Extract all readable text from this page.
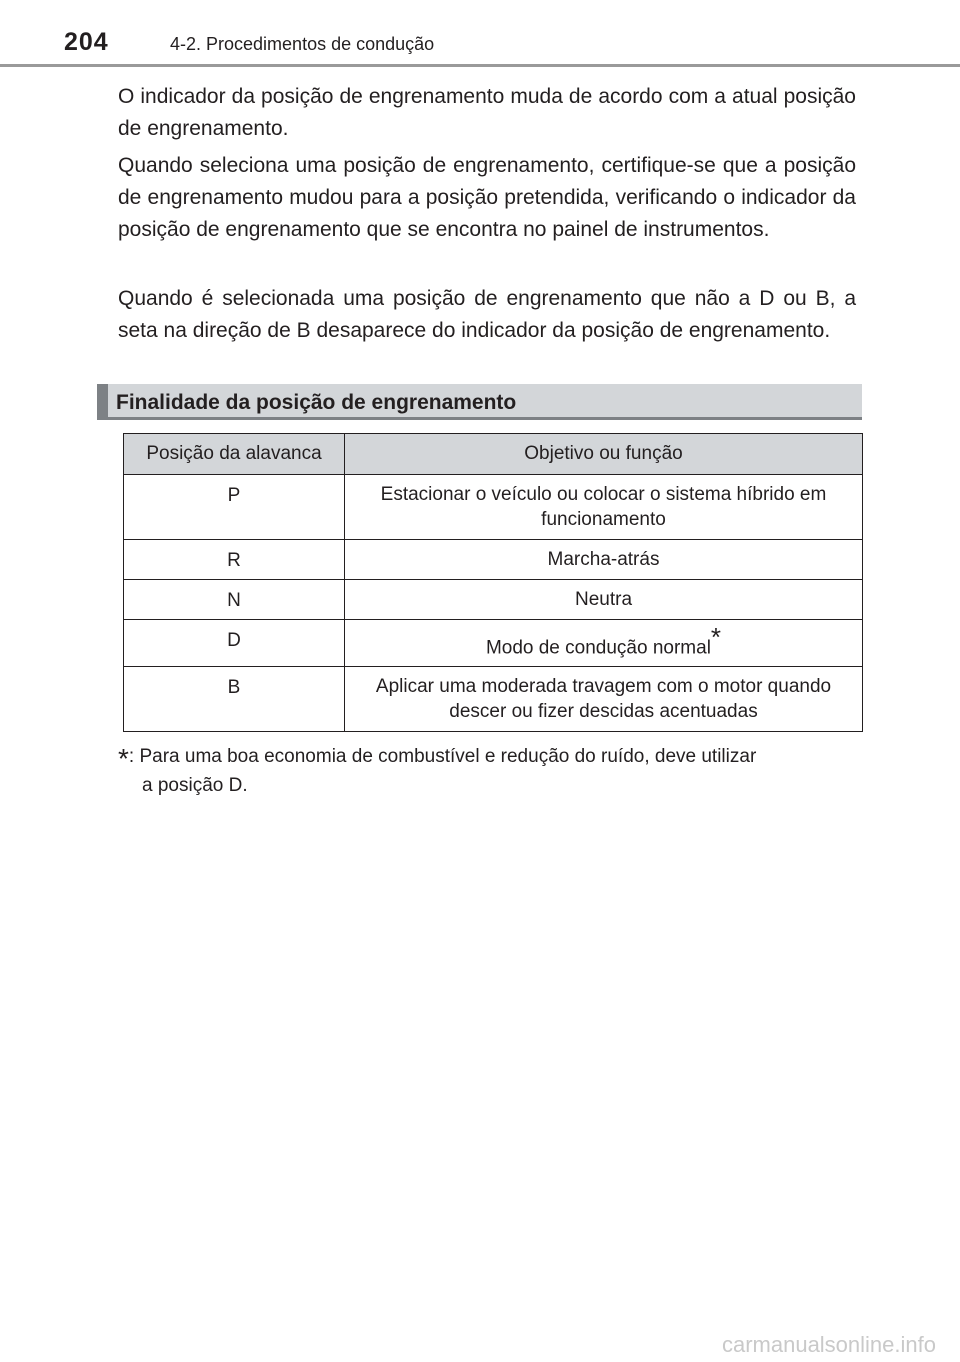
204	4-2. Procedimentos de condução

O indicador da posição de engrenamento muda de acordo com a atual posição de engrenamento.

Quando seleciona uma posição de engrenamento, certifique-se que a posição de engrenamento mudou para a posição pretendida, verificando o indicador da posição de engrenamento que se encontra no painel de instrumentos.

Quando é selecionada uma posição de engrenamento que não a D ou B, a seta na direção de B desaparece do indicador da posição de engrenamento.

Finalidade da posição de engrenamento
Posição da alavanca	Objetivo ou função
P	Estacionar o veículo ou colocar o sistema híbrido em funcionamento
R	Marcha-atrás
N	Neutra
D	Modo de condução normal*
B	Aplicar uma moderada travagem com o motor quando descer ou fizer descidas acentuadas
*: Para uma boa economia de combustível e redução do ruído, deve utilizar
a posição D.
carmanualsonline.info
